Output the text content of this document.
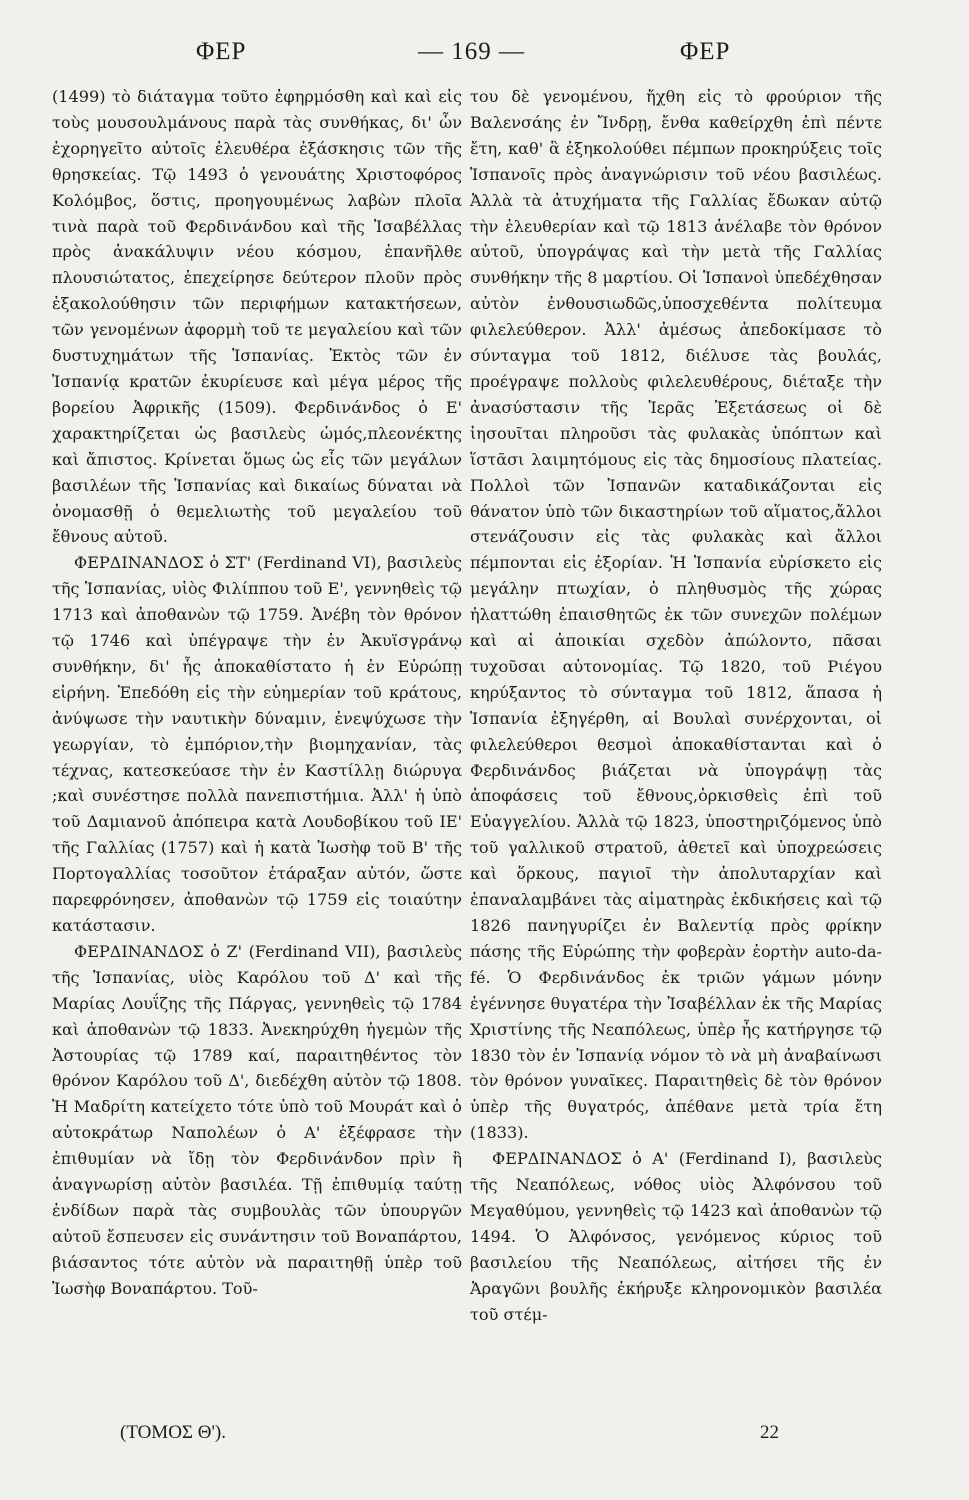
ΦΕΡ	— 169 —	ΦΕΡ

(1499) τὸ διάταγμα τοῦτο ἐφηρμόσθη καὶ καὶ εἰς τοὺς μουσουλμάνους παρὰ τὰς συνθήκας, δι' ὧν ἐχορηγεῖτο αὐτοῖς ἐλευθέρα ἐξάσκησις τῶν τῆς θρησκείας. Τῷ 1493 ὁ γενουάτης Χριστοφόρος Κολόμβος, ὅστις, προηγουμένως λαβὼν πλοῖα τινὰ παρὰ τοῦ Φερδινάνδου καὶ τῆς Ἰσαβέλλας πρὸς ἀνακάλυψιν νέου κόσμου, ἐπανῆλθε πλουσιώτατος, ἐπεχείρησε δεύτερον πλοῦν πρὸς ἐξακολούθησιν τῶν περιφήμων κατακτήσεων, τῶν γενομένων ἀφορμὴ τοῦ τε μεγαλείου καὶ τῶν δυστυχημάτων τῆς Ἱσπανίας. Ἐκτὸς τῶν ἐν Ἱσπανίᾳ κρατῶν ἐκυρίευσε καὶ μέγα μέρος τῆς βορείου Ἀφρικῆς (1509). Φερδινάνδος ὁ Ε' χαρακτηρίζεται ὡς βασιλεὺς ὠμός,πλεονέκτης καὶ ἄπιστος. Κρίνεται ὅμως ὡς εἷς τῶν μεγάλων βασιλέων τῆς Ἱσπανίας καὶ δικαίως δύναται νὰ ὀνομασθῇ ὁ θεμελιωτὴς τοῦ μεγαλείου τοῦ ἔθνους αὐτοῦ.

ΦΕΡΔΙΝΑΝΔΟΣ ὁ ΣΤ' (Ferdinand VI), βασιλεὺς τῆς Ἱσπανίας, υἱὸς Φιλίππου τοῦ Ε', γεννηθεὶς τῷ 1713 καὶ ἀποθανὼν τῷ 1759. Ἀνέβη τὸν θρόνον τῷ 1746 καὶ ὑπέγραψε τὴν ἐν Ἀκυϊσγράνῳ συνθήκην, δι' ἧς ἀποκαθίστατο ἡ ἐν Εὐρώπῃ εἰρήνη. Ἐπεδόθη εἰς τὴν εὐημερίαν τοῦ κράτους, ἀνύψωσε τὴν ναυτικὴν δύναμιν, ἐνεψύχωσε τὴν γεωργίαν, τὸ ἐμπόριον,τὴν βιομηχανίαν, τὰς τέχνας, κατεσκεύασε τὴν ἐν Καστίλλῃ διώρυγα ;καὶ συνέστησε πολλὰ πανεπιστήμια. Ἀλλ' ἡ ὑπὸ τοῦ Δαμιανοῦ ἀπόπειρα κατὰ Λουδοβίκου τοῦ ΙΕ' τῆς Γαλλίας (1757) καὶ ἡ κατὰ Ἰωσὴφ τοῦ Β' τῆς Πορτογαλλίας τοσοῦτον ἐτάραξαν αὐτόν, ὥστε παρεφρόνησεν, ἀποθανὼν τῷ 1759 εἰς τοιαύτην κατάστασιν.

ΦΕΡΔΙΝΑΝΔΟΣ ὁ Ζ' (Ferdinand VII), βασιλεὺς τῆς Ἱσπανίας, υἱὸς Καρόλου τοῦ Δ' καὶ τῆς Μαρίας Λουΐζης τῆς Πάργας, γεννηθεὶς τῷ 1784 καὶ ἀποθανὼν τῷ 1833. Ἀνεκηρύχθη ἡγεμὼν τῆς Ἀστουρίας τῷ 1789 καί, παραιτηθέντος τὸν θρόνον Καρόλου τοῦ Δ', διεδέχθη αὐτὸν τῷ 1808. Ἡ Μαδρίτη κατείχετο τότε ὑπὸ τοῦ Μουράτ καὶ ὁ αὐτοκράτωρ Ναπολέων ὁ Α' ἐξέφρασε τὴν ἐπιθυμίαν νὰ ἴδῃ τὸν Φερδινάνδον πρὶν ἢ ἀναγνωρίσῃ αὐτὸν βασιλέα. Τῇ ἐπιθυμίᾳ ταύτῃ ἐνδίδων παρὰ τὰς συμβουλὰς τῶν ὑπουργῶν αὐτοῦ ἔσπευσεν εἰς συνάντησιν τοῦ Βοναπάρτου, βιάσαντος τότε αὐτὸν νὰ παραιτηθῇ ὑπὲρ τοῦ Ἰωσὴφ Βοναπάρτου. Τοῦ-

του δὲ γενομένου, ἤχθη εἰς τὸ φρούριον τῆς Βαλενσάης ἐν Ἴνδρῃ, ἔνθα καθείρχθη ἐπὶ πέντε ἔτη, καθ' ἃ ἐξηκολούθει πέμπων προκηρύξεις τοῖς Ἱσπανοῖς πρὸς ἀναγνώρισιν τοῦ νέου βασιλέως. Ἀλλὰ τὰ ἀτυχήματα τῆς Γαλλίας ἔδωκαν αὐτῷ τὴν ἐλευθερίαν καὶ τῷ 1813 ἀνέλαβε τὸν θρόνον αὐτοῦ, ὑπογράψας καὶ τὴν μετὰ τῆς Γαλλίας συνθήκην τῆς 8 μαρτίου. Οἱ Ἱσπανοὶ ὑπεδέχθησαν αὐτὸν ἐνθουσιωδῶς,ὑποσχεθέντα πολίτευμα φιλελεύθερον. Ἀλλ' ἀμέσως ἀπεδοκίμασε τὸ σύνταγμα τοῦ 1812, διέλυσε τὰς βουλάς, προέγραψε πολλοὺς φιλελευθέρους, διέταξε τὴν ἀνασύστασιν τῆς Ἱερᾶς Ἐξετάσεως οἱ δὲ ἰησουῖται πληροῦσι τὰς φυλακὰς ὑπόπτων καὶ ἵστᾶσι λαιμητόμους εἰς τὰς δημοσίους πλατείας. Πολλοὶ τῶν Ἱσπανῶν καταδικάζονται εἰς θάνατον ὑπὸ τῶν δικαστηρίων τοῦ αἵματος,ἄλλοι στενάζουσιν εἰς τὰς φυλακὰς καὶ ἄλλοι πέμπονται εἰς ἐξορίαν. Ἡ Ἱσπανία εὑρίσκετο εἰς μεγάλην πτωχίαν, ὁ πληθυσμὸς τῆς χώρας ἠλαττώθη ἐπαισθητῶς ἐκ τῶν συνεχῶν πολέμων καὶ αἱ ἀποικίαι σχεδὸν ἀπώλοντο, πᾶσαι τυχοῦσαι αὐτονομίας. Τῷ 1820, τοῦ Ριέγου κηρύξαντος τὸ σύνταγμα τοῦ 1812, ἅπασα ἡ Ἱσπανία ἐξηγέρθη, αἱ Βουλαὶ συνέρχονται, οἱ φιλελεύθεροι θεσμοὶ ἀποκαθίστανται καὶ ὁ Φερδινάνδος βιάζεται νὰ ὑπογράψῃ τὰς ἀποφάσεις τοῦ ἔθνους,ὁρκισθεὶς ἐπὶ τοῦ Εὐαγγελίου. Ἀλλὰ τῷ 1823, ὑποστηριζόμενος ὑπὸ τοῦ γαλλικοῦ στρατοῦ, ἀθετεῖ καὶ ὑποχρεώσεις καὶ ὅρκους, παγιοῖ τὴν ἀπολυταρχίαν καὶ ἐπαναλαμβάνει τὰς αἱματηρὰς ἐκδικήσεις καὶ τῷ 1826 πανηγυρίζει ἐν Βαλεντίᾳ πρὸς φρίκην πάσης τῆς Εὐρώπης τὴν φοβερὰν ἑορτὴν auto-da-fé. Ὁ Φερδινάνδος ἐκ τριῶν γάμων μόνην ἐγέννησε θυγατέρα τὴν Ἰσαβέλλαν ἐκ τῆς Μαρίας Χριστίνης τῆς Νεαπόλεως, ὑπὲρ ἧς κατήργησε τῷ 1830 τὸν ἐν Ἱσπανίᾳ νόμον τὸ νὰ μὴ ἀναβαίνωσι τὸν θρόνον γυναῖκες. Παραιτηθεὶς δὲ τὸν θρόνον ὑπὲρ τῆς θυγατρός, ἀπέθανε μετὰ τρία ἔτη (1833).

ΦΕΡΔΙΝΑΝΔΟΣ ὁ Α' (Ferdinand I), βασιλεὺς τῆς Νεαπόλεως, νόθος υἱὸς Ἀλφόνσου τοῦ Μεγαθύμου, γεννηθεὶς τῷ 1423 καὶ ἀποθανὼν τῷ 1494. Ὁ Ἀλφόνσος, γενόμενος κύριος τοῦ βασιλείου τῆς Νεαπόλεως, αἰτήσει τῆς ἐν Ἀραγῶνι βουλῆς ἐκήρυξε κληρονομικὸν βασιλέα τοῦ στέμ-

(ΤΟΜΟΣ Θ').	22
